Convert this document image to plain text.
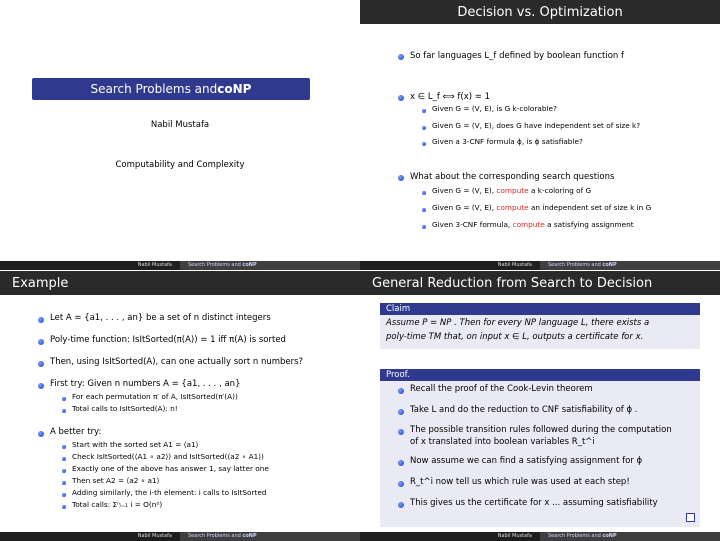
Search Problems and coNP
Nabil Mustafa
Computability and Complexity
Nabil Mustafa	Search Problems and coNP
Decision vs. Optimization
So far languages L_f defined by boolean function f
x ∈ L_f ⟺ f(x) = 1
Given G = (V, E), is G k-colorable?
Given G = (V, E), does G have independent set of size k?
Given a 3-CNF formula ϕ, is ϕ satisfiable?
What about the corresponding search questions
Given G = (V, E), compute a k-coloring of G
Given G = (V, E), compute an independent set of size k in G
Given 3-CNF formula, compute a satisfying assignment
Nabil Mustafa	Search Problems and coNP
Example
Let A = {a1, . . . , an} be a set of n distinct integers
Poly-time function: IsItSorted(π(A)) = 1 iff π(A) is sorted
Then, using IsItSorted(A), can one actually sort n numbers?
First try: Given n numbers A = {a1, . . . , an}
For each permutation π′ of A, IsItSorted(π′(A))
Total calls to IsItSorted(A): n!
A better try:
Start with the sorted set A1 = ⟨a1⟩
Check IsItSorted(⟨A1 ∘ a2⟩) and IsItSorted(⟨a2 ∘ A1⟩)
Exactly one of the above has answer 1, say latter one
Then set A2 = ⟨a2 ∘ a1⟩
Adding similarly, the i-th element: i calls to IsItSorted
Total calls: Σⁿᵢ₌₁ i = O(n²)
Nabil Mustafa	Search Problems and coNP
General Reduction from Search to Decision
Claim
Assume P = NP . Then for every NP language L, there exists a
poly-time TM that, on input x ∈ L, outputs a certificate for x.
Proof.
Recall the proof of the Cook-Levin theorem
Take L and do the reduction to CNF satisfiability of ϕ .
The possible transition rules followed during the computation
of x translated into boolean variables R_t^i
Now assume we can find a satisfying assignment for ϕ
R_t^i now tell us which rule was used at each step!
This gives us the certificate for x ... assuming satisfiability
Nabil Mustafa	Search Problems and coNP
